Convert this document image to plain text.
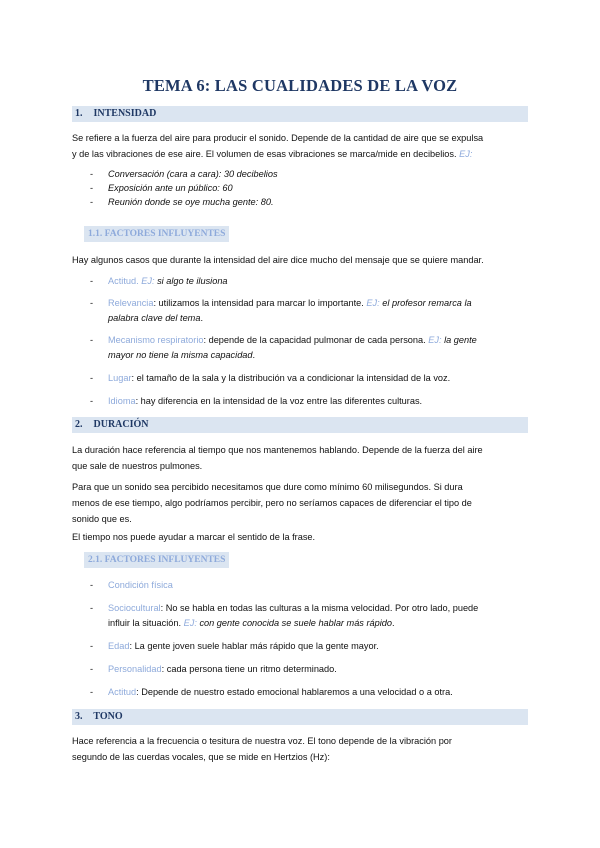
TEMA 6: LAS CUALIDADES DE LA VOZ
1. INTENSIDAD
Se refiere a la fuerza del aire para producir el sonido. Depende de la cantidad de aire que se expulsa
y de las vibraciones de ese aire. El volumen de esas vibraciones se marca/mide en decibelios. EJ:
- Conversación (cara a cara): 30 decibelios
- Exposición ante un público: 60
- Reunión donde se oye mucha gente: 80.
1.1. FACTORES INFLUYENTES
Hay algunos casos que durante la intensidad del aire dice mucho del mensaje que se quiere mandar.
- Actitud. EJ: si algo te ilusiona
- Relevancia: utilizamos la intensidad para marcar lo importante. EJ: el profesor remarca la
palabra clave del tema.
- Mecanismo respiratorio: depende de la capacidad pulmonar de cada persona. EJ: la gente
mayor no tiene la misma capacidad.
- Lugar: el tamaño de la sala y la distribución va a condicionar la intensidad de la voz.
- Idioma: hay diferencia en la intensidad de la voz entre las diferentes culturas.
2. DURACIÓN
La duración hace referencia al tiempo que nos mantenemos hablando. Depende de la fuerza del aire
que sale de nuestros pulmones.
Para que un sonido sea percibido necesitamos que dure como mínimo 60 milisegundos. Si dura
menos de ese tiempo, algo podríamos percibir, pero no seríamos capaces de diferenciar el tipo de
sonido que es.
El tiempo nos puede ayudar a marcar el sentido de la frase.
2.1. FACTORES INFLUYENTES
- Condición física
- Sociocultural: No se habla en todas las culturas a la misma velocidad. Por otro lado, puede
influir la situación. EJ: con gente conocida se suele hablar más rápido.
- Edad: La gente joven suele hablar más rápido que la gente mayor.
- Personalidad: cada persona tiene un ritmo determinado.
- Actitud: Depende de nuestro estado emocional hablaremos a una velocidad o a otra.
3. TONO
Hace referencia a la frecuencia o tesitura de nuestra voz. El tono depende de la vibración por
segundo de las cuerdas vocales, que se mide en Hertzios (Hz):
